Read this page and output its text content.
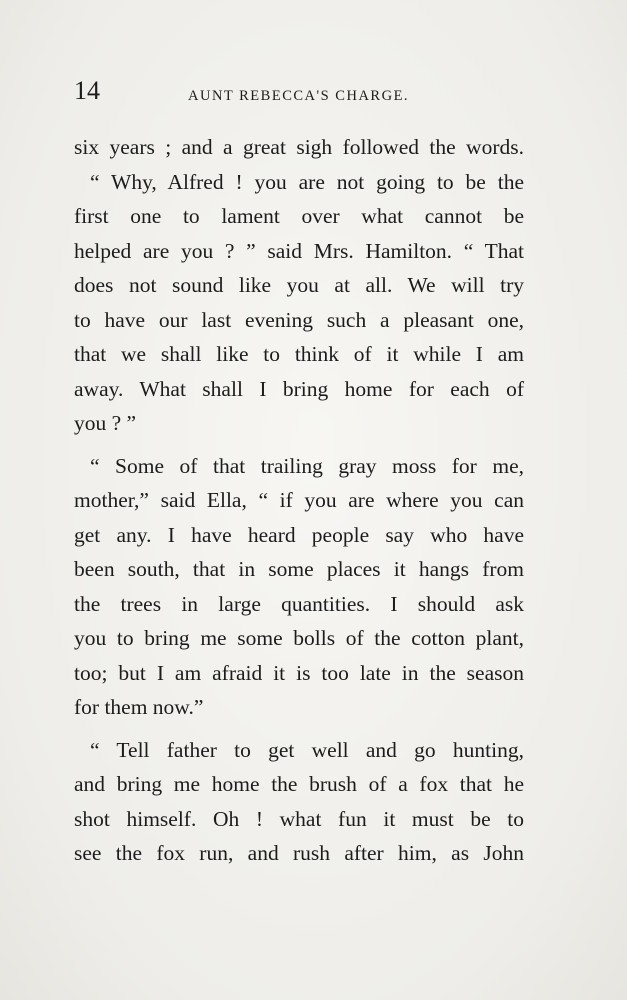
14	AUNT REBECCA'S CHARGE.
six years ; and a great sigh followed the words.
“ Why, Alfred ! you are not going to be the
first one to lament over what cannot be
helped are you ? ” said Mrs. Hamilton. “ That
does not sound like you at all. We will try
to have our last evening such a pleasant one,
that we shall like to think of it while I am
away. What shall I bring home for each of
you ? ”
“ Some of that trailing gray moss for me,
mother,” said Ella, “ if you are where you can
get any. I have heard people say who have
been south, that in some places it hangs from
the trees in large quantities. I should ask
you to bring me some bolls of the cotton plant,
too; but I am afraid it is too late in the season
for them now.”
“ Tell father to get well and go hunting,
and bring me home the brush of a fox that he
shot himself. Oh ! what fun it must be to
see the fox run, and rush after him, as John
